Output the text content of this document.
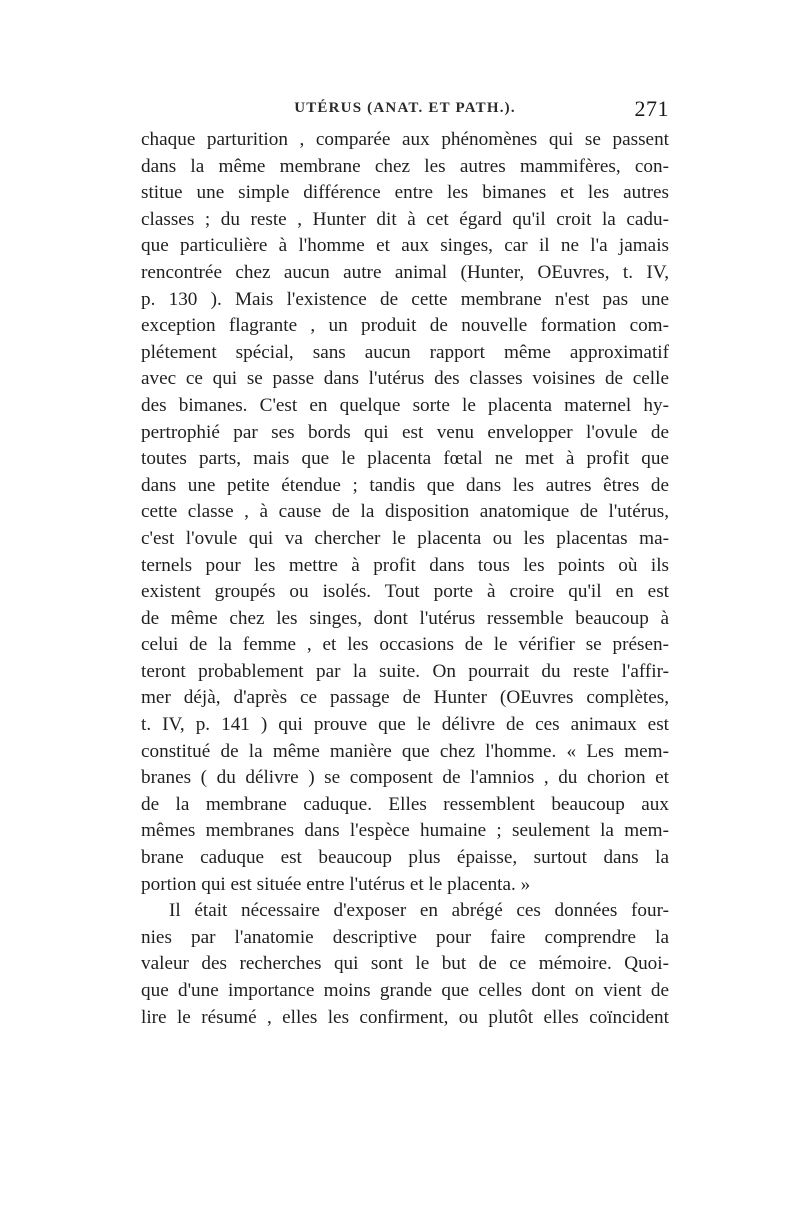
UTÉRUS (ANAT. ET PATH.).	271
chaque parturition , comparée aux phénomènes qui se passent
dans la même membrane chez les autres mammifères, con-
stitue une simple différence entre les bimanes et les autres
classes ; du reste , Hunter dit à cet égard qu'il croit la cadu-
que particulière à l'homme et aux singes, car il ne l'a jamais
rencontrée chez aucun autre animal (Hunter, OEuvres, t. IV,
p. 130 ). Mais l'existence de cette membrane n'est pas une
exception flagrante , un produit de nouvelle formation com-
plétement spécial, sans aucun rapport même approximatif
avec ce qui se passe dans l'utérus des classes voisines de celle
des bimanes. C'est en quelque sorte le placenta maternel hy-
pertrophié par ses bords qui est venu envelopper l'ovule de
toutes parts, mais que le placenta fœtal ne met à profit que
dans une petite étendue ; tandis que dans les autres êtres de
cette classe , à cause de la disposition anatomique de l'utérus,
c'est l'ovule qui va chercher le placenta ou les placentas ma-
ternels pour les mettre à profit dans tous les points où ils
existent groupés ou isolés. Tout porte à croire qu'il en est
de même chez les singes, dont l'utérus ressemble beaucoup à
celui de la femme , et les occasions de le vérifier se présen-
teront probablement par la suite. On pourrait du reste l'affir-
mer déjà, d'après ce passage de Hunter (OEuvres complètes,
t. IV, p. 141 ) qui prouve que le délivre de ces animaux est
constitué de la même manière que chez l'homme. « Les mem-
branes ( du délivre ) se composent de l'amnios , du chorion et
de la membrane caduque. Elles ressemblent beaucoup aux
mêmes membranes dans l'espèce humaine ; seulement la mem-
brane caduque est beaucoup plus épaisse, surtout dans la
portion qui est située entre l'utérus et le placenta. »
Il était nécessaire d'exposer en abrégé ces données four-
nies par l'anatomie descriptive pour faire comprendre la
valeur des recherches qui sont le but de ce mémoire. Quoi-
que d'une importance moins grande que celles dont on vient de
lire le résumé , elles les confirment, ou plutôt elles coïncident
